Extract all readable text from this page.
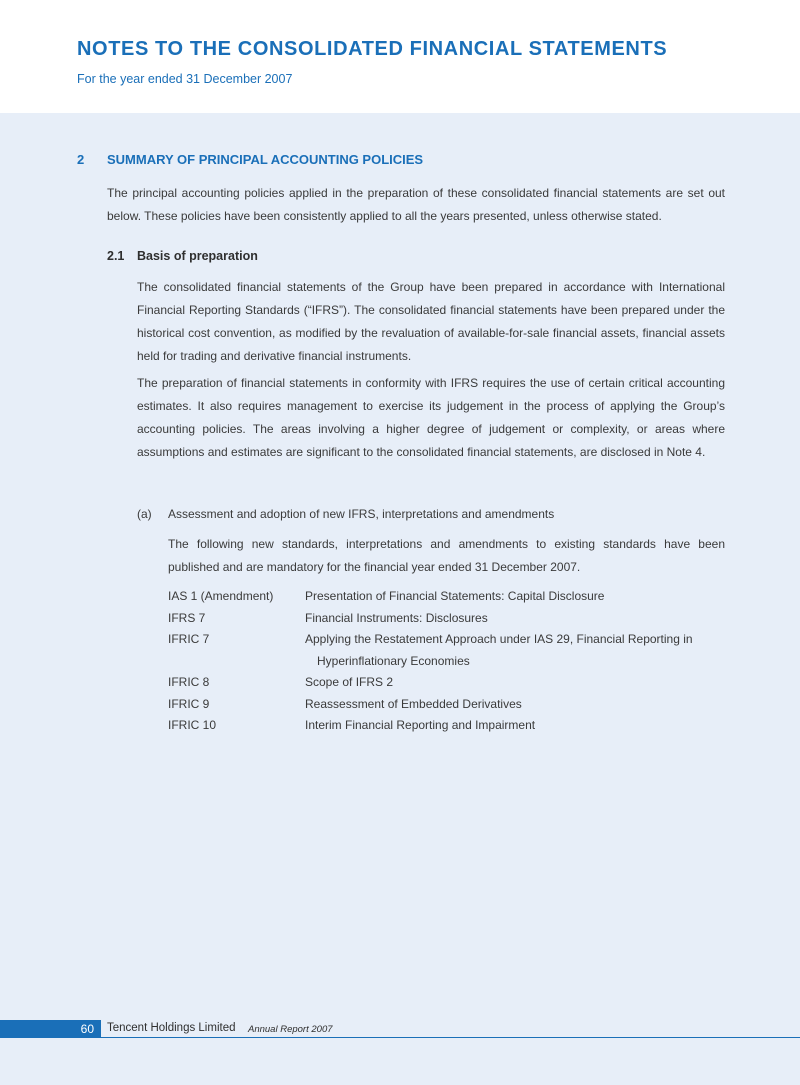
NOTES TO THE CONSOLIDATED FINANCIAL STATEMENTS
For the year ended 31 December 2007
2 SUMMARY OF PRINCIPAL ACCOUNTING POLICIES
The principal accounting policies applied in the preparation of these consolidated financial statements are set out below. These policies have been consistently applied to all the years presented, unless otherwise stated.
2.1 Basis of preparation
The consolidated financial statements of the Group have been prepared in accordance with International Financial Reporting Standards (“IFRS”). The consolidated financial statements have been prepared under the historical cost convention, as modified by the revaluation of available-for-sale financial assets, financial assets held for trading and derivative financial instruments.
The preparation of financial statements in conformity with IFRS requires the use of certain critical accounting estimates. It also requires management to exercise its judgement in the process of applying the Group’s accounting policies. The areas involving a higher degree of judgement or complexity, or areas where assumptions and estimates are significant to the consolidated financial statements, are disclosed in Note 4.
(a) Assessment and adoption of new IFRS, interpretations and amendments
The following new standards, interpretations and amendments to existing standards have been published and are mandatory for the financial year ended 31 December 2007.
IAS 1 (Amendment)	Presentation of Financial Statements: Capital Disclosure
IFRS 7	Financial Instruments: Disclosures
IFRIC 7	Applying the Restatement Approach under IAS 29, Financial Reporting in
Hyperinflationary Economies
IFRIC 8	Scope of IFRS 2
IFRIC 9	Reassessment of Embedded Derivatives
IFRIC 10	Interim Financial Reporting and Impairment
60 Tencent Holdings Limited Annual Report 2007
